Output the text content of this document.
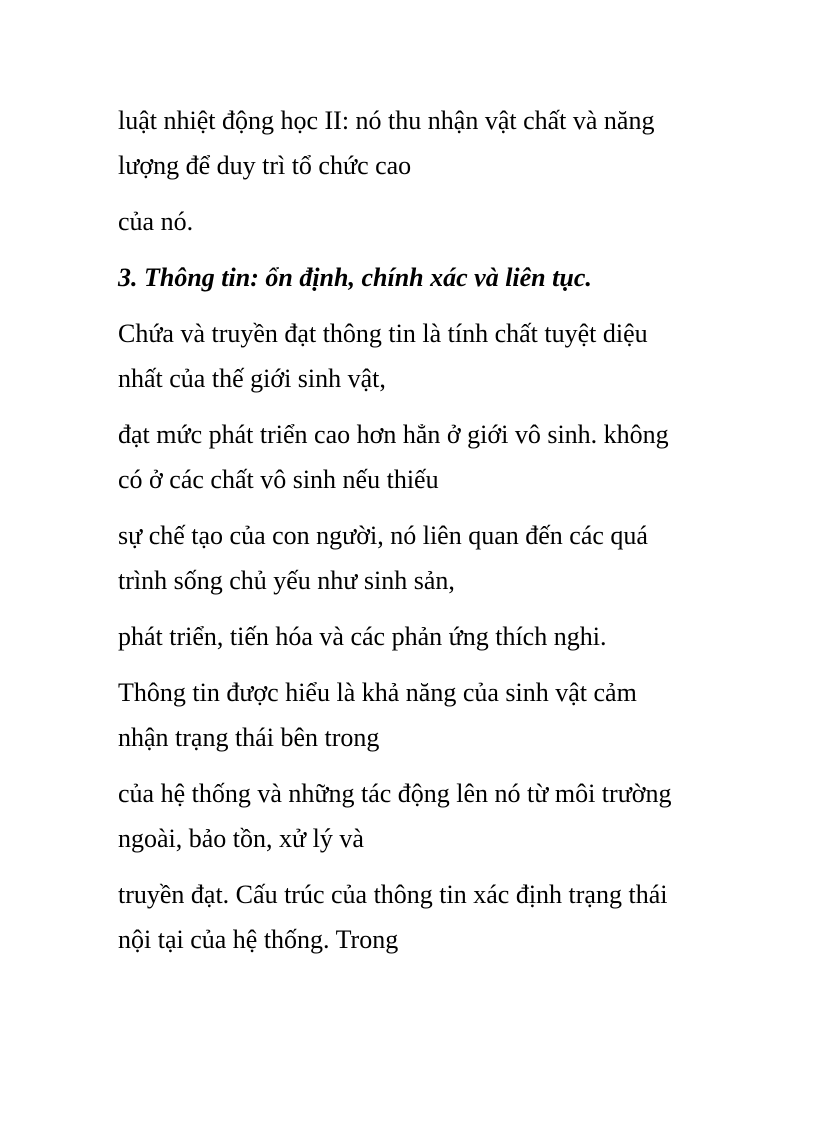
luật nhiệt động học II: nó thu nhận vật chất và năng
lượng để duy trì tổ chức cao

của nó.

3. Thông tin: ổn định, chính xác và liên tục.

Chứa và truyền đạt thông tin là tính chất tuyệt diệu
nhất của thế giới sinh vật,

đạt mức phát triển cao hơn hẳn ở giới vô sinh. không
có ở các chất vô sinh nếu thiếu

sự chế tạo của con người, nó liên quan đến các quá
trình sống chủ yếu như sinh sản,

phát triển, tiến hóa và các phản ứng thích nghi.

Thông tin được hiểu là khả năng của sinh vật cảm
nhận trạng thái bên trong

của hệ thống và những tác động lên nó từ môi trường
ngoài, bảo tồn, xử lý và

truyền đạt. Cấu trúc của thông tin xác định trạng thái
nội tại của hệ thống. Trong
